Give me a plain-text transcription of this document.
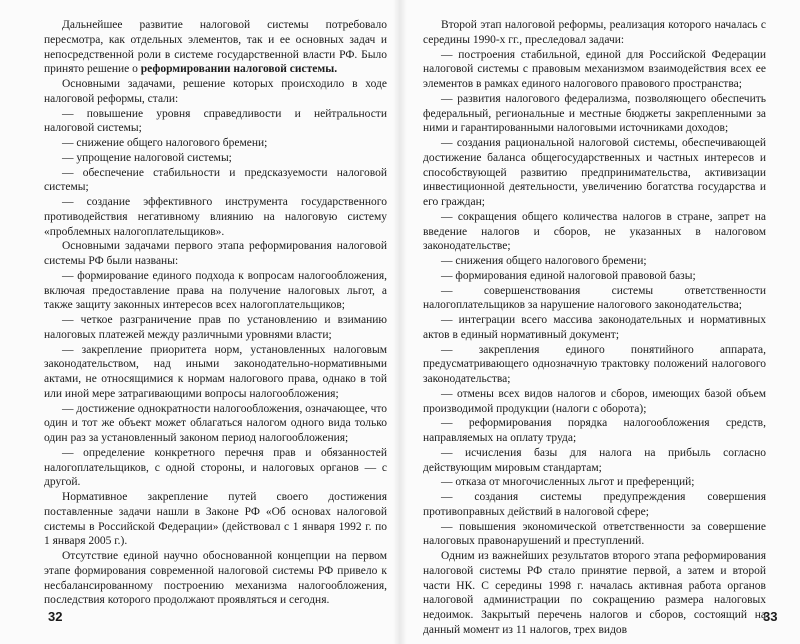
Дальнейшее развитие налоговой системы потребовало пересмотра, как отдельных элементов, так и ее основных задач и непосредственной роли в системе государственной власти РФ. Было принято решение о реформировании налоговой системы.

Основными задачами, решение которых происходило в ходе налоговой реформы, стали:

— повышение уровня справедливости и нейтральности налоговой системы;

— снижение общего налогового бремени;

— упрощение налоговой системы;

— обеспечение стабильности и предсказуемости налоговой системы;

— создание эффективного инструмента государственного противодействия негативному влиянию на налоговую систему «проблемных налогоплательщиков».

Основными задачами первого этапа реформирования налоговой системы РФ были названы:

— формирование единого подхода к вопросам налогообложения, включая предоставление права на получение налоговых льгот, а также защиту законных интересов всех налогоплательщиков;

— четкое разграничение прав по установлению и взиманию налоговых платежей между различными уровнями власти;

— закрепление приоритета норм, установленных налоговым законодательством, над иными законодательно-нормативными актами, не относящимися к нормам налогового права, однако в той или иной мере затрагивающими вопросы налогообложения;

— достижение однократности налогообложения, означающее, что один и тот же объект может облагаться налогом одного вида только один раз за установленный законом период налогообложения;

— определение конкретного перечня прав и обязанностей налогоплательщиков, с одной стороны, и налоговых органов — с другой.

Нормативное закрепление путей своего достижения поставленные задачи нашли в Законе РФ «Об основах налоговой системы в Российской Федерации» (действовал с 1 января 1992 г. по 1 января 2005 г.).

Отсутствие единой научно обоснованной концепции на первом этапе формирования современной налоговой системы РФ привело к несбалансированному построению механизма налогообложения, последствия которого продолжают проявляться и сегодня.

Второй этап налоговой реформы, реализация которого началась с середины 1990-х гг., преследовал задачи:

— построения стабильной, единой для Российской Федерации налоговой системы с правовым механизмом взаимодействия всех ее элементов в рамках единого налогового правового пространства;

— развития налогового федерализма, позволяющего обеспечить федеральный, региональные и местные бюджеты закрепленными за ними и гарантированными налоговыми источниками доходов;

— создания рациональной налоговой системы, обеспечивающей достижение баланса общегосударственных и частных интересов и способствующей развитию предпринимательства, активизации инвестиционной деятельности, увеличению богатства государства и его граждан;

— сокращения общего количества налогов в стране, запрет на введение налогов и сборов, не указанных в налоговом законодательстве;

— снижения общего налогового бремени;

— формирования единой налоговой правовой базы;

— совершенствования системы ответственности налогоплательщиков за нарушение налогового законодательства;

— интеграции всего массива законодательных и нормативных актов в единый нормативный документ;

— закрепления единого понятийного аппарата, предусматривающего однозначную трактовку положений налогового законодательства;

— отмены всех видов налогов и сборов, имеющих базой объем производимой продукции (налоги с оборота);

— реформирования порядка налогообложения средств, направляемых на оплату труда;

— исчисления базы для налога на прибыль согласно действующим мировым стандартам;

— отказа от многочисленных льгот и преференций;

— создания системы предупреждения совершения противоправных действий в налоговой сфере;

— повышения экономической ответственности за совершение налоговых правонарушений и преступлений.

Одним из важнейших результатов второго этапа реформирования налоговой системы РФ стало принятие первой, а затем и второй части НК. С середины 1998 г. началась активная работа органов налоговой администрации по сокращению размера налоговых недоимок. Закрытый перечень налогов и сборов, состоящий на данный момент из 11 налогов, трех видов

32	33
